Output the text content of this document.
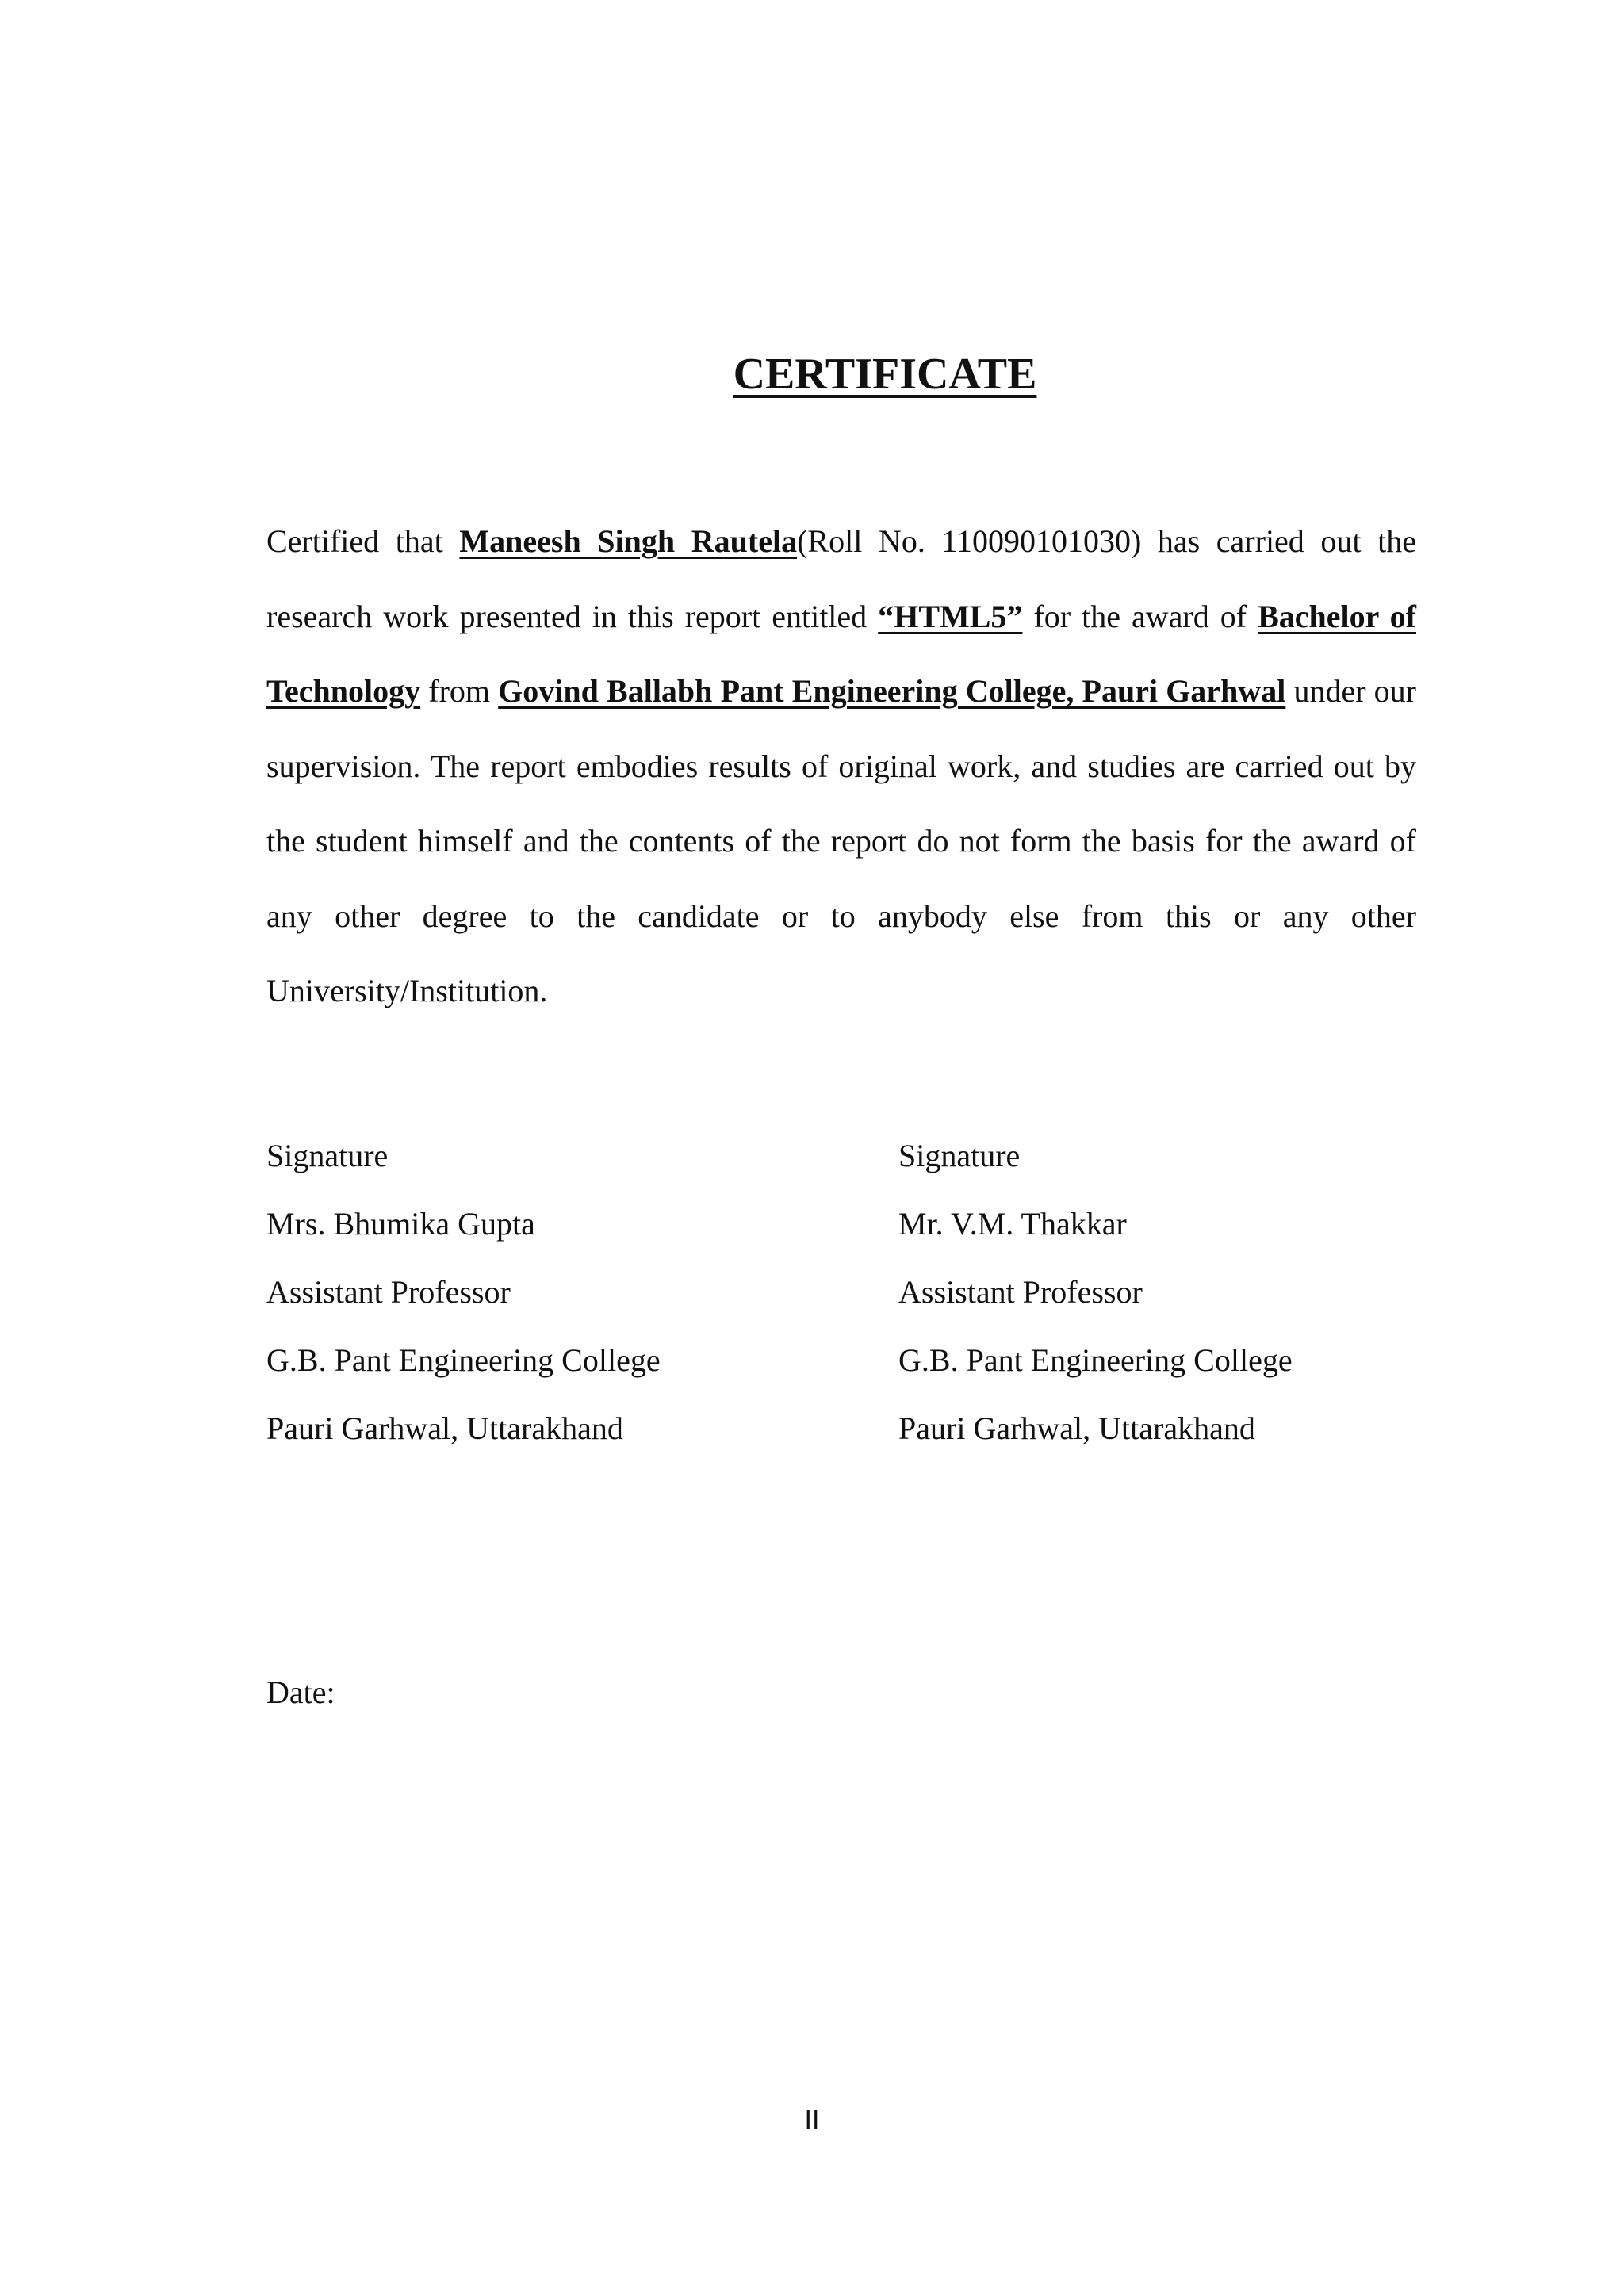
CERTIFICATE

Certified that Maneesh Singh Rautela(Roll No. 110090101030) has carried out the research work presented in this report entitled “HTML5” for the award of Bachelor of Technology from Govind Ballabh Pant Engineering College, Pauri Garhwal under our supervision. The report embodies results of original work, and studies are carried out by the student himself and the contents of the report do not form the basis for the award of any other degree to the candidate or to anybody else from this or any other University/Institution.

Signature
Mrs. Bhumika Gupta
Assistant Professor
G.B. Pant Engineering College
Pauri Garhwal, Uttarakhand
Signature
Mr. V.M. Thakkar
Assistant Professor
G.B. Pant Engineering College
Pauri Garhwal, Uttarakhand
Date:
II
